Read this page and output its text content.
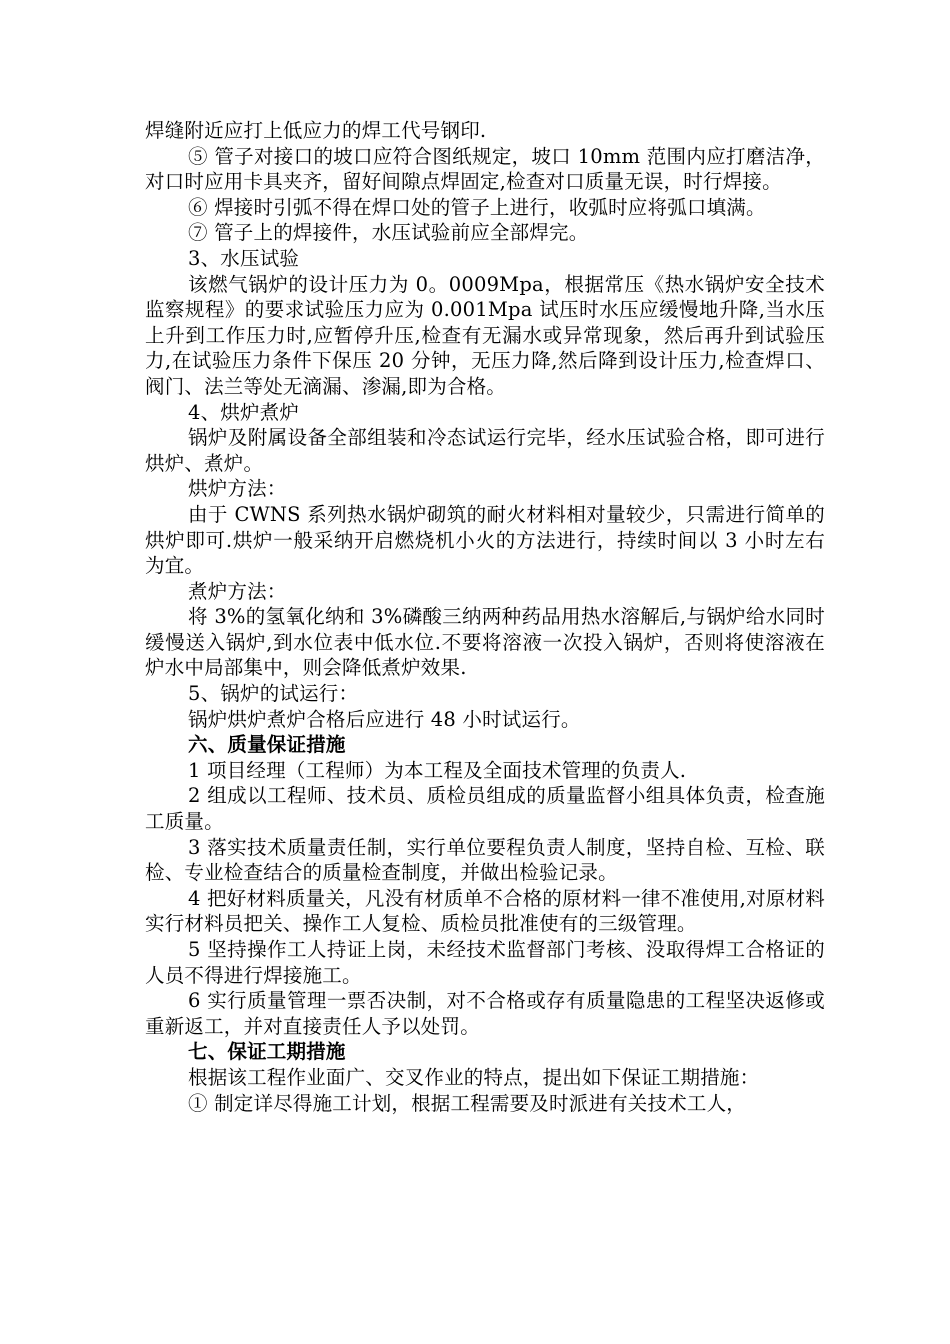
焊缝附近应打上低应力的焊工代号钢印.

⑤ 管子对接口的坡口应符合图纸规定，坡口 10mm 范围内应打磨洁净，对口时应用卡具夹齐，留好间隙点焊固定,检查对口质量无误，时行焊接。

⑥ 焊接时引弧不得在焊口处的管子上进行，收弧时应将弧口填满。

⑦ 管子上的焊接件，水压试验前应全部焊完。

3、水压试验

该燃气锅炉的设计压力为 0。0009Mpa，根据常压《热水锅炉安全技术监察规程》的要求试验压力应为 0.001Mpa 试压时水压应缓慢地升降,当水压上升到工作压力时,应暂停升压,检查有无漏水或异常现象，然后再升到试验压力,在试验压力条件下保压 20 分钟，无压力降,然后降到设计压力,检查焊口、阀门、法兰等处无滴漏、渗漏,即为合格。

4、烘炉煮炉

锅炉及附属设备全部组装和冷态试运行完毕，经水压试验合格，即可进行烘炉、煮炉。

烘炉方法：

由于 CWNS 系列热水锅炉砌筑的耐火材料相对量较少，只需进行简单的烘炉即可.烘炉一般采纳开启燃烧机小火的方法进行，持续时间以 3 小时左右为宜。

煮炉方法：

将 3%的氢氧化纳和 3%磷酸三纳两种药品用热水溶解后,与锅炉给水同时缓慢送入锅炉,到水位表中低水位.不要将溶液一次投入锅炉，否则将使溶液在炉水中局部集中，则会降低煮炉效果.

5、锅炉的试运行：

锅炉烘炉煮炉合格后应进行 48 小时试运行。

六、质量保证措施

1 项目经理（工程师）为本工程及全面技术管理的负责人.

2 组成以工程师、技术员、质检员组成的质量监督小组具体负责，检查施工质量。

3 落实技术质量责任制，实行单位要程负责人制度，坚持自检、互检、联检、专业检查结合的质量检查制度，并做出检验记录。

4 把好材料质量关，凡没有材质单不合格的原材料一律不准使用,对原材料实行材料员把关、操作工人复检、质检员批准使有的三级管理。

5 坚持操作工人持证上岗，未经技术监督部门考核、没取得焊工合格证的人员不得进行焊接施工。

6 实行质量管理一票否决制，对不合格或存有质量隐患的工程坚决返修或重新返工，并对直接责任人予以处罚。

七、保证工期措施

根据该工程作业面广、交叉作业的特点，提出如下保证工期措施：

① 制定详尽得施工计划，根据工程需要及时派进有关技术工人，
